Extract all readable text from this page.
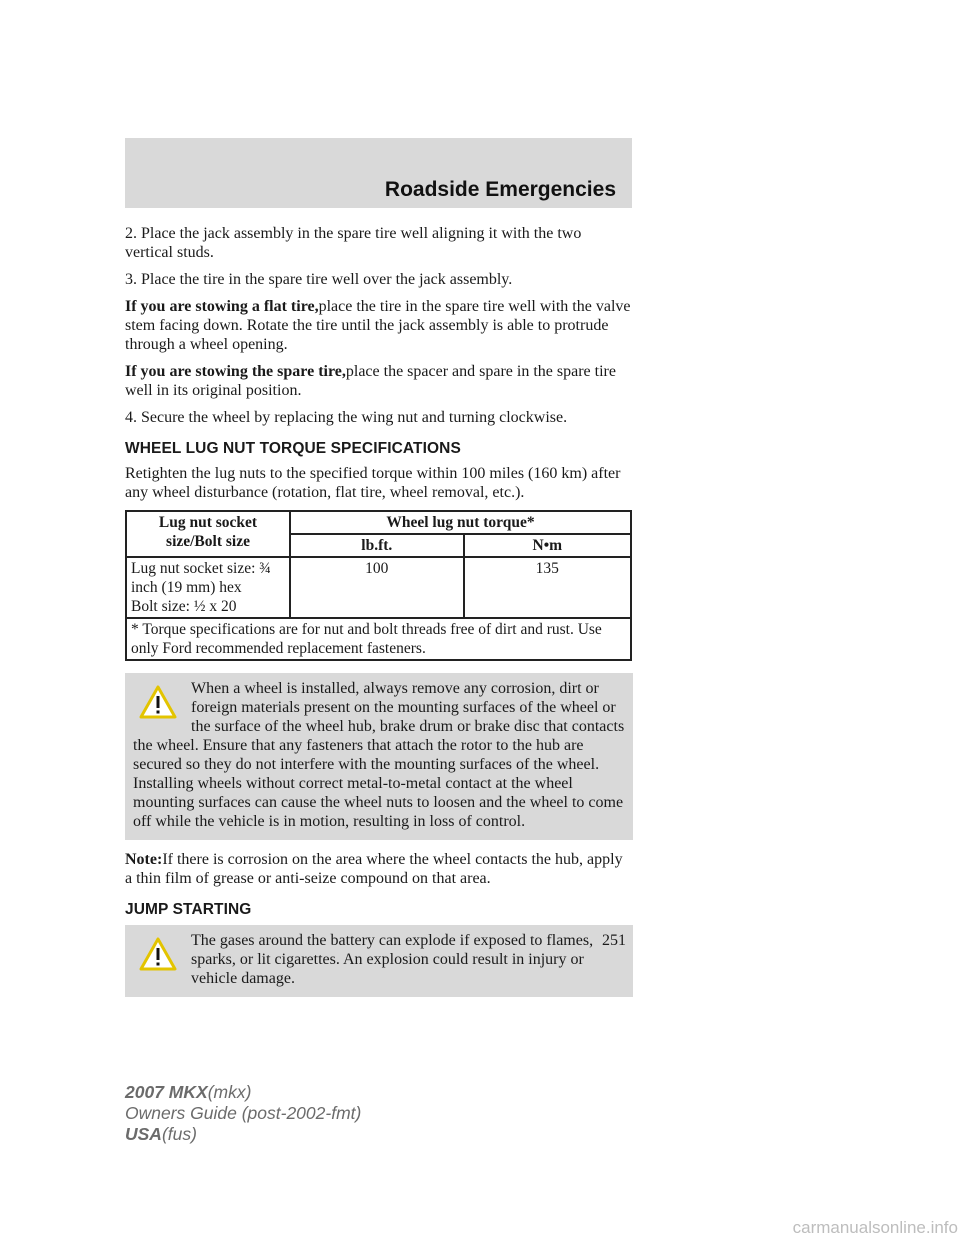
Roadside Emergencies

2. Place the jack assembly in the spare tire well aligning it with the two vertical studs.

3. Place the tire in the spare tire well over the jack assembly.

If you are stowing a flat tire,place the tire in the spare tire well with the valve stem facing down. Rotate the tire until the jack assembly is able to protrude through a wheel opening.

If you are stowing the spare tire,place the spacer and spare in the spare tire well in its original position.

4. Secure the wheel by replacing the wing nut and turning clockwise.

WHEEL LUG NUT TORQUE SPECIFICATIONS

Retighten the lug nuts to the specified torque within 100 miles (160 km) after any wheel disturbance (rotation, flat tire, wheel removal, etc.).

Lug nut socket size/Bolt size	Wheel lug nut torque*	
	lb.ft.	N•m

Lug nut socket size: ¾
inch (19 mm) hex
Bolt size: ½ x 20	100	135
* Torque specifications are for nut and bolt threads free of dirt and rust. Use only Ford recommended replacement fasteners.		

When a wheel is installed, always remove any corrosion, dirt or foreign materials present on the mounting surfaces of the wheel or the surface of the wheel hub, brake drum or brake disc that contacts the wheel. Ensure that any fasteners that attach the rotor to the hub are secured so they do not interfere with the mounting surfaces of the wheel. Installing wheels without correct metal-to-metal contact at the wheel mounting surfaces can cause the wheel nuts to loosen and the wheel to come off while the vehicle is in motion, resulting in loss of control.

Note:If there is corrosion on the area where the wheel contacts the hub, apply a thin film of grease or anti-seize compound on that area.

JUMP STARTING

The gases around the battery can explode if exposed to flames, sparks, or lit cigarettes. An explosion could result in injury or vehicle damage.

251
2007 MKX(mkx)
Owners Guide (post-2002-fmt)
USA(fus)
carmanualsonline.info
